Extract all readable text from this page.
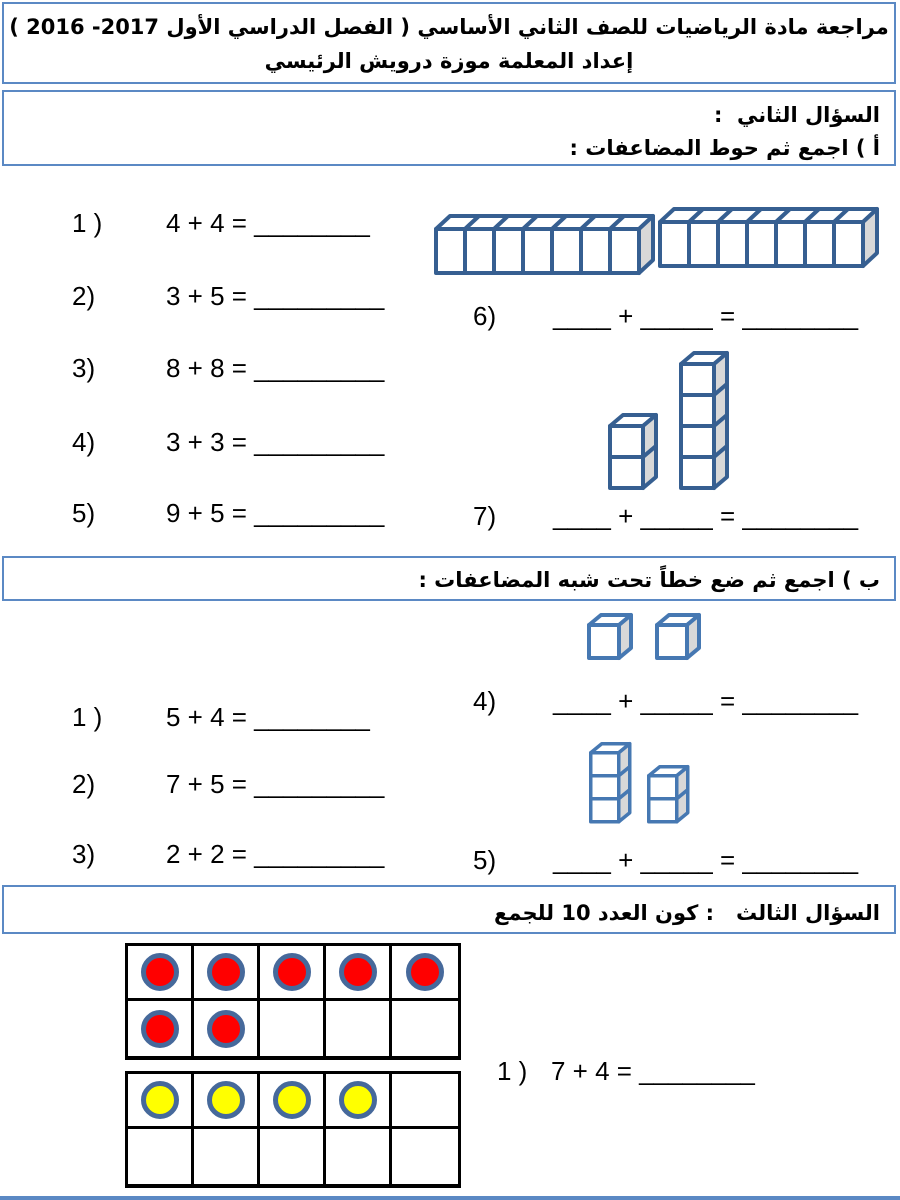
مراجعة مادة الرياضيات للصف الثاني الأساسي ( الفصل الدراسي الأول ‎2016 -2017‎ )
إعداد المعلمة موزة درويش الرئيسي
السؤال الثاني  :
أ ) اجمع ثم حوط المضاعفات :
1 ) 4 + 4 = ________
2)	3 + 5 = _________
3)	8 + 8 = _________
4)	3 + 3 = _________
5)	9 + 5 = _________
6) ____ + _____ = ________
7) ____ + _____ = ________
ب ) اجمع ثم ضع خطاً تحت شبه المضاعفات :
4) ____ + _____ = ________
1 ) 5 + 4 = ________
2)	7 + 5 = _________
3)	2 + 2 = _________	5) ____ + _____ = ________
السؤال الثالث   : كون العدد 10 للجمع
1 ) 7 + 4 = ________
